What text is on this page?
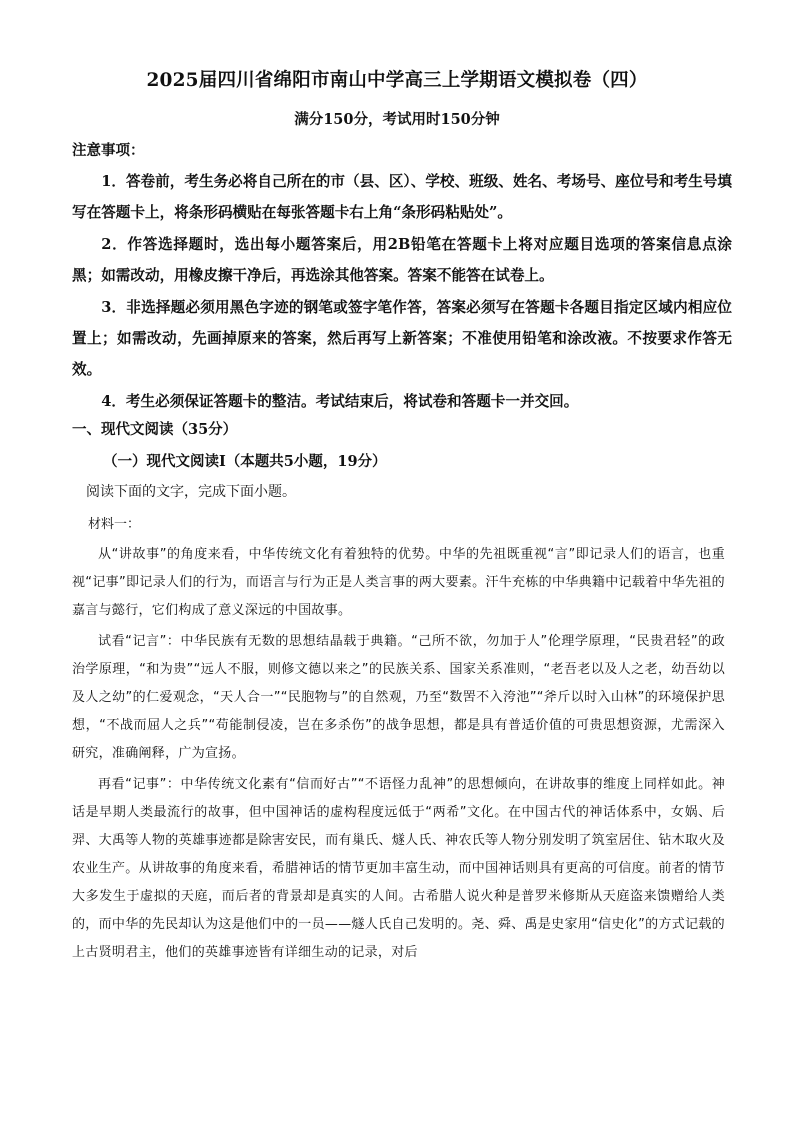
2025届四川省绵阳市南山中学高三上学期语文模拟卷（四）
满分150分，考试用时150分钟
注意事项：

1．答卷前，考生务必将自己所在的市（县、区）、学校、班级、姓名、考场号、座位号和考生号填写在答题卡上，将条形码横贴在每张答题卡右上角“条形码粘贴处”。

2．作答选择题时，选出每小题答案后，用2B铅笔在答题卡上将对应题目选项的答案信息点涂黑；如需改动，用橡皮擦干净后，再选涂其他答案。答案不能答在试卷上。

3．非选择题必须用黑色字迹的钢笔或签字笔作答，答案必须写在答题卡各题目指定区域内相应位置上；如需改动，先画掉原来的答案，然后再写上新答案；不准使用铅笔和涂改液。不按要求作答无效。

4．考生必须保证答题卡的整洁。考试结束后，将试卷和答题卡一并交回。

一、现代文阅读（35分）
（一）现代文阅读Ⅰ（本题共5小题，19分）
阅读下面的文字，完成下面小题。
材料一：

从“讲故事”的角度来看，中华传统文化有着独特的优势。中华的先祖既重视“言”即记录人们的语言，也重视“记事”即记录人们的行为，而语言与行为正是人类言事的两大要素。汗牛充栋的中华典籍中记载着中华先祖的嘉言与懿行，它们构成了意义深远的中国故事。

试看“记言”：中华民族有无数的思想结晶载于典籍。“己所不欲，勿加于人”伦理学原理，“民贵君轻”的政治学原理，“和为贵”“远人不服，则修文德以来之”的民族关系、国家关系准则，“老吾老以及人之老，幼吾幼以及人之幼”的仁爱观念，“天人合一”“民胞物与”的自然观，乃至“数罟不入洿池”“斧斤以时入山林”的环境保护思想，“不战而屈人之兵”“苟能制侵凌，岂在多杀伤”的战争思想，都是具有普适价值的可贵思想资源，尤需深入研究，准确阐释，广为宣扬。

再看“记事”：中华传统文化素有“信而好古”“不语怪力乱神”的思想倾向，在讲故事的维度上同样如此。神话是早期人类最流行的故事，但中国神话的虚构程度远低于“两希”文化。在中国古代的神话体系中，女娲、后羿、大禹等人物的英雄事迹都是除害安民，而有巢氏、燧人氏、神农氏等人物分别发明了筑室居住、钻木取火及农业生产。从讲故事的角度来看，希腊神话的情节更加丰富生动，而中国神话则具有更高的可信度。前者的情节大多发生于虚拟的天庭，而后者的背景却是真实的人间。古希腊人说火种是普罗米修斯从天庭盗来馈赠给人类的，而中华的先民却认为这是他们中的一员——燧人氏自己发明的。尧、舜、禹是史家用“信史化”的方式记载的上古贤明君主，他们的英雄事迹皆有详细生动的记录，对后
